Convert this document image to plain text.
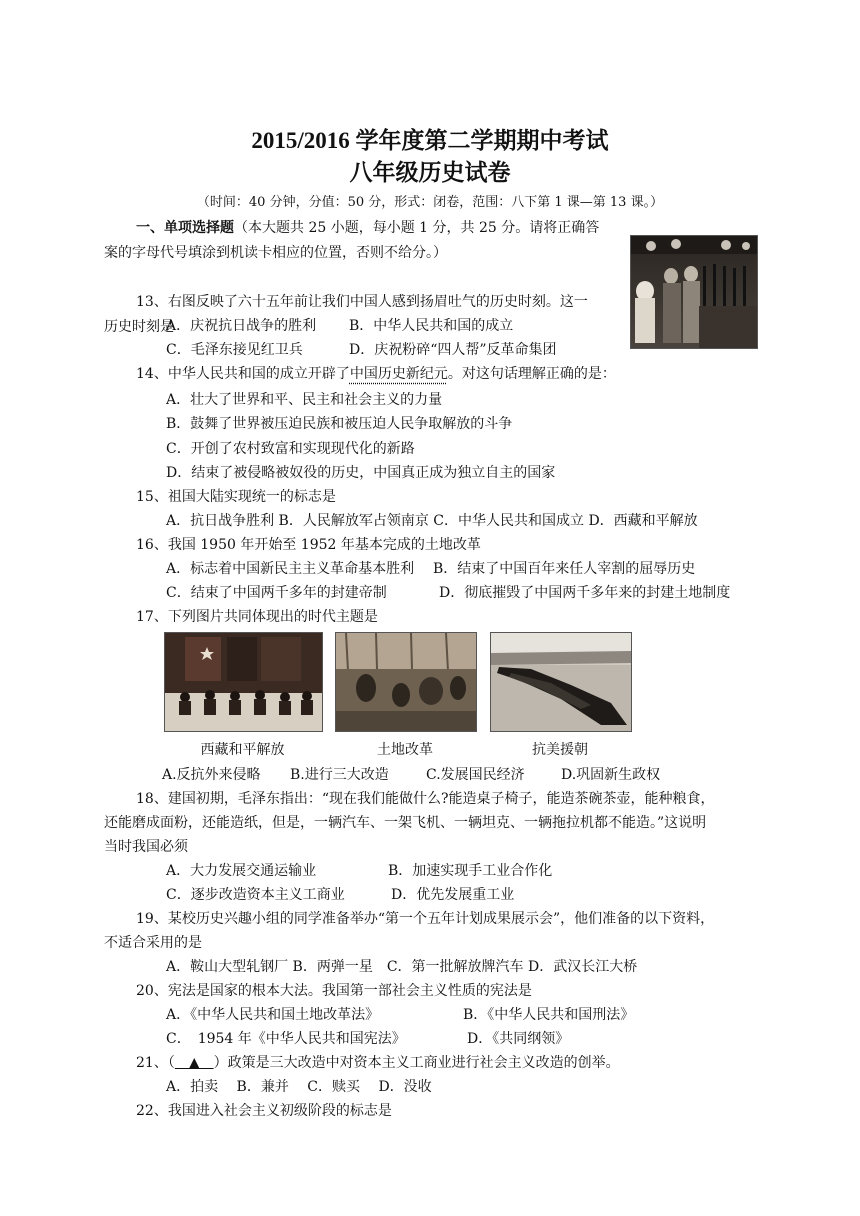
2015/2016 学年度第二学期期中考试
八年级历史试卷
（时间：40 分钟，分值：50 分，形式：闭卷，范围：八下第 1 课—第 13 课。）
一、单项选择题（本大题共 25 小题，每小题 1 分，共 25 分。请将正确答
案的字母代号填涂到机读卡相应的位置，否则不给分。）
13、右图反映了六十五年前让我们中国人感到扬眉吐气的历史时刻。这一
历史时刻是
A．庆祝抗日战争的胜利 B．中华人民共和国的成立
C．毛泽东接见红卫兵	D．庆祝粉碎“四人帮”反革命集团
14、中华人民共和国的成立开辟了中国历史新纪元。对这句话理解正确的是：
A．壮大了世界和平、民主和社会主义的力量
B．鼓舞了世界被压迫民族和被压迫人民争取解放的斗争
C．开创了农村致富和实现现代化的新路
D．结束了被侵略被奴役的历史，中国真正成为独立自主的国家
15、祖国大陆实现统一的标志是
A．抗日战争胜利 B．人民解放军占领南京 C．中华人民共和国成立 D．西藏和平解放
16、我国 1950 年开始至 1952 年基本完成的土地改革
A．标志着中国新民主主义革命基本胜利 B．结束了中国百年来任人宰割的屈辱历史
C．结束了中国两千多年的封建帝制	D．彻底摧毁了中国两千多年来的封建土地制度
17、下列图片共同体现出的时代主题是
西藏和平解放	土地改革	抗美援朝
A.反抗外来侵略 B.进行三大改造	C.发展国民经济	D.巩固新生政权
18、建国初期，毛泽东指出：“现在我们能做什么?能造桌子椅子，能造茶碗茶壶，能种粮食，
还能磨成面粉，还能造纸，但是，一辆汽车、一架飞机、一辆坦克、一辆拖拉机都不能造。”这说明
当时我国必须
A．大力发展交通运输业	B．加速实现手工业合作化
C．逐步改造资本主义工商业	D．优先发展重工业
19、某校历史兴趣小组的同学准备举办“第一个五年计划成果展示会”，他们准备的以下资料，
不适合采用的是
A．鞍山大型轧钢厂 B．两弹一星　C．第一批解放牌汽车 D．武汉长江大桥
20、宪法是国家的根本大法。我国第一部社会主义性质的宪法是
A．《中华人民共和国土地改革法》	B．《中华人民共和国刑法》
C．　1954 年《中华人民共和国宪法》	D．《共同纲领》
21、（　▲　）政策是三大改造中对资本主义工商业进行社会主义改造的创举。
A．拍卖　 B．兼并　 C．赎买　 D．没收
22、我国进入社会主义初级阶段的标志是
